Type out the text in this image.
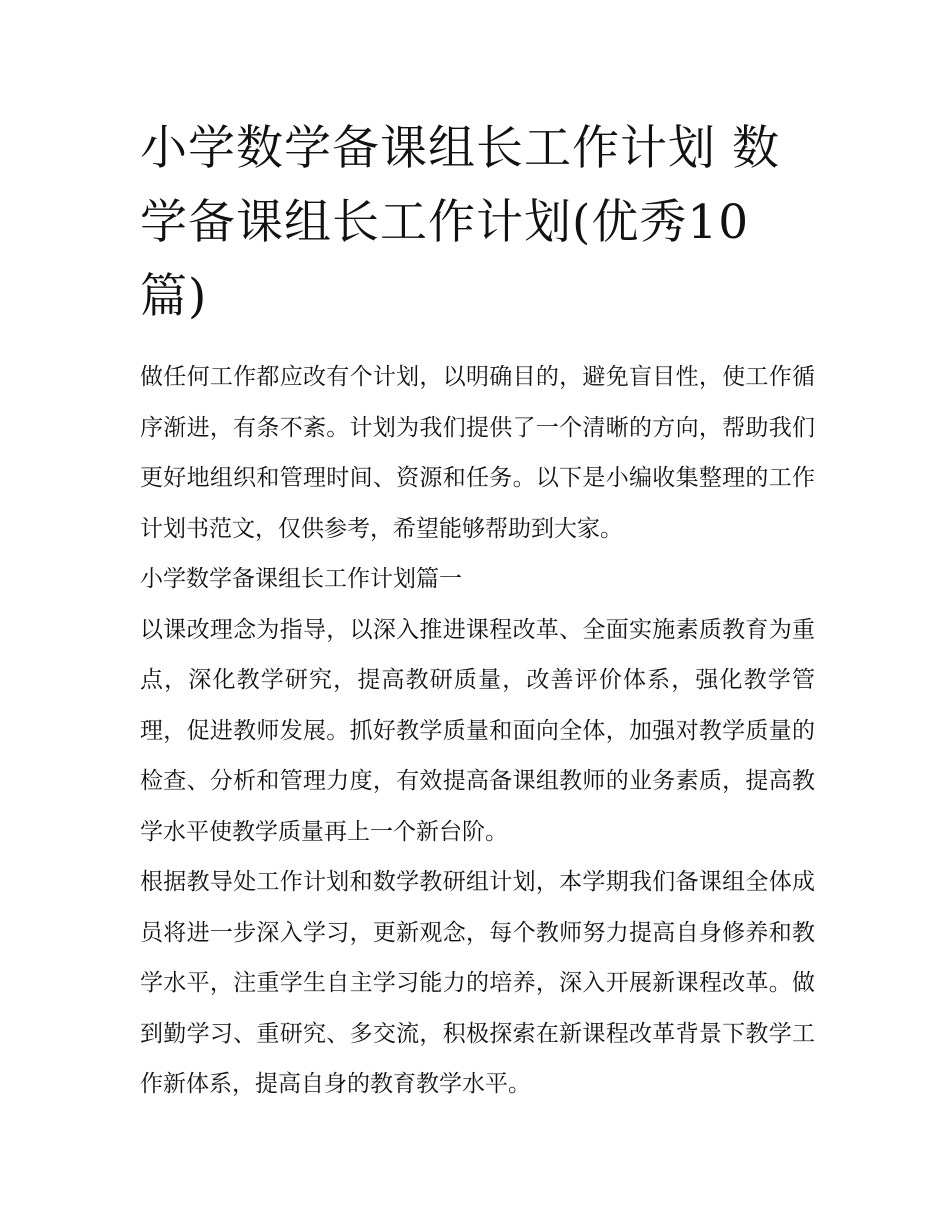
小学数学备课组长工作计划 数学备课组长工作计划(优秀10篇)

做任何工作都应改有个计划，以明确目的，避免盲目性，使工作循序渐进，有条不紊。计划为我们提供了一个清晰的方向，帮助我们更好地组织和管理时间、资源和任务。以下是小编收集整理的工作计划书范文，仅供参考，希望能够帮助到大家。

小学数学备课组长工作计划篇一

以课改理念为指导，以深入推进课程改革、全面实施素质教育为重点，深化教学研究，提高教研质量，改善评价体系，强化教学管理，促进教师发展。抓好教学质量和面向全体，加强对教学质量的检查、分析和管理力度，有效提高备课组教师的业务素质，提高教学水平使教学质量再上一个新台阶。

根据教导处工作计划和数学教研组计划，本学期我们备课组全体成员将进一步深入学习，更新观念，每个教师努力提高自身修养和教学水平，注重学生自主学习能力的培养，深入开展新课程改革。做到勤学习、重研究、多交流，积极探索在新课程改革背景下教学工作新体系，提高自身的教育教学水平。
